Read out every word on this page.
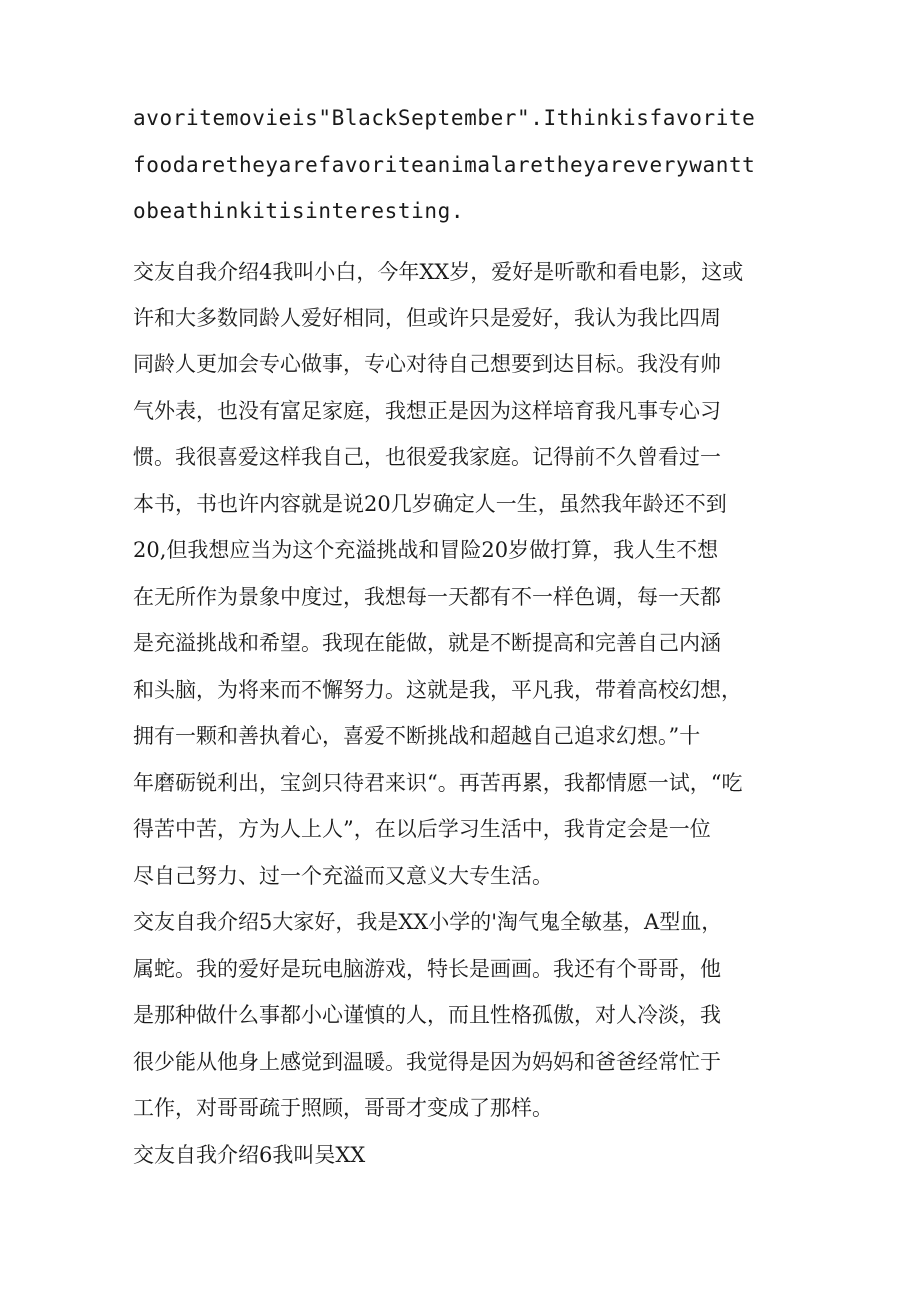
avoritemovieis"BlackSeptember".Ithinkisfavorite
foodaretheyarefavoriteanimalaretheyareverywantt
obeathinkitisinteresting.
交友自我介绍4我叫小白，今年XX岁，爱好是听歌和看电影，这或
许和大多数同龄人爱好相同，但或许只是爱好，我认为我比四周
同龄人更加会专心做事，专心对待自己想要到达目标。我没有帅
气外表，也没有富足家庭，我想正是因为这样培育我凡事专心习
惯。我很喜爱这样我自己，也很爱我家庭。记得前不久曾看过一
本书，书也许内容就是说20几岁确定人一生，虽然我年龄还不到
20,但我想应当为这个充溢挑战和冒险20岁做打算，我人生不想
在无所作为景象中度过，我想每一天都有不一样色调，每一天都
是充溢挑战和希望。我现在能做，就是不断提高和完善自己内涵
和头脑，为将来而不懈努力。这就是我，平凡我，带着高校幻想，
拥有一颗和善执着心，喜爱不断挑战和超越自己追求幻想。”十
年磨砺锐利出，宝剑只待君来识“。再苦再累，我都情愿一试，“吃
得苦中苦，方为人上人”，在以后学习生活中，我肯定会是一位
尽自己努力、过一个充溢而又意义大专生活。
交友自我介绍5大家好，我是XX小学的'淘气鬼全敏基，A型血，
属蛇。我的爱好是玩电脑游戏，特长是画画。我还有个哥哥，他
是那种做什么事都小心谨慎的人，而且性格孤傲，对人冷淡，我
很少能从他身上感觉到温暖。我觉得是因为妈妈和爸爸经常忙于
工作，对哥哥疏于照顾，哥哥才变成了那样。
交友自我介绍6我叫吴XX
